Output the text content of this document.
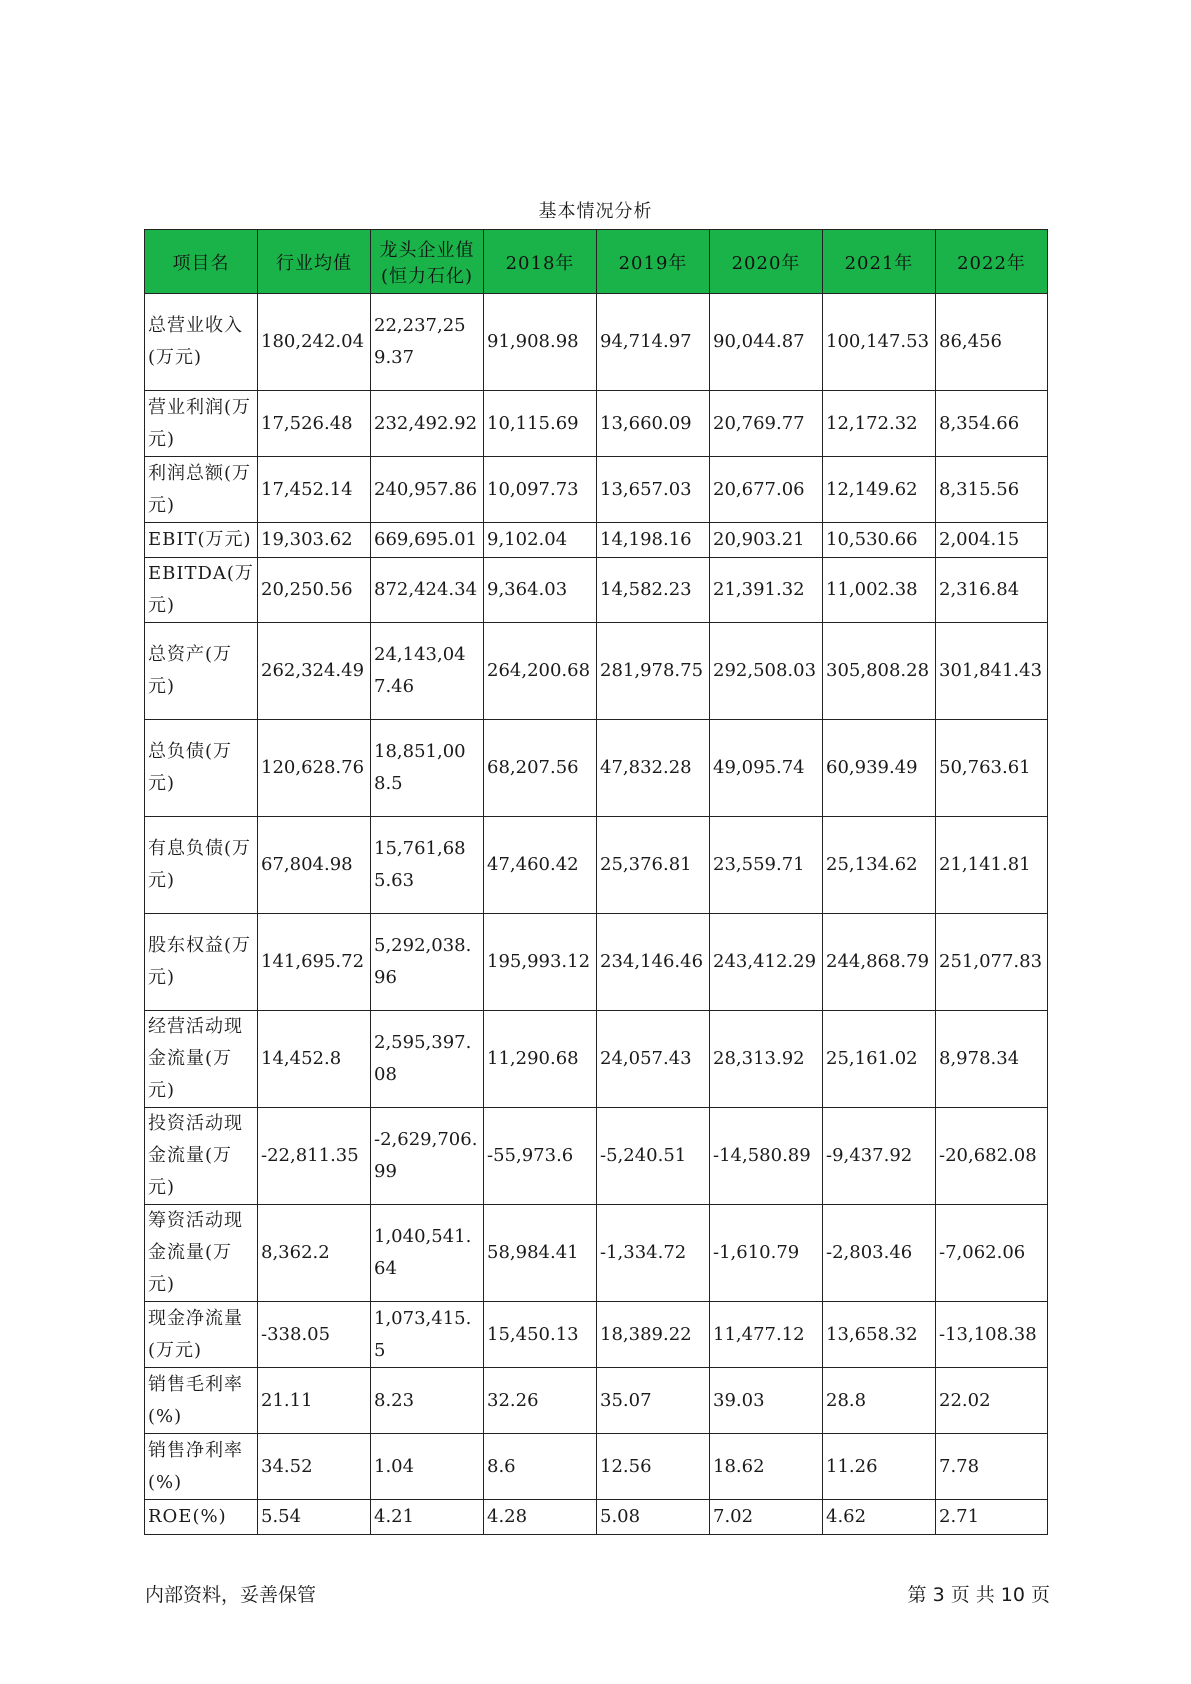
基本情况分析
项目名	行业均值	龙头企业值(恒力石化)	2018年	2019年	2020年	2021年	2022年
总营业收入(万元)	180,242.04	22,237,259.37	91,908.98	94,714.97	90,044.87	100,147.53	86,456
营业利润(万元)	17,526.48	232,492.92	10,115.69	13,660.09	20,769.77	12,172.32	8,354.66
利润总额(万元)	17,452.14	240,957.86	10,097.73	13,657.03	20,677.06	12,149.62	8,315.56
EBIT(万元)	19,303.62	669,695.01	9,102.04	14,198.16	20,903.21	10,530.66	2,004.15
EBITDA(万元)	20,250.56	872,424.34	9,364.03	14,582.23	21,391.32	11,002.38	2,316.84
总资产(万元)	262,324.49	24,143,047.46	264,200.68	281,978.75	292,508.03	305,808.28	301,841.43
总负债(万元)	120,628.76	18,851,008.5	68,207.56	47,832.28	49,095.74	60,939.49	50,763.61
有息负债(万元)	67,804.98	15,761,685.63	47,460.42	25,376.81	23,559.71	25,134.62	21,141.81
股东权益(万元)	141,695.72	5,292,038.96	195,993.12	234,146.46	243,412.29	244,868.79	251,077.83
经营活动现金流量(万元)	14,452.8	2,595,397.08	11,290.68	24,057.43	28,313.92	25,161.02	8,978.34
投资活动现金流量(万元)	-22,811.35	-2,629,706.99	-55,973.6	-5,240.51	-14,580.89	-9,437.92	-20,682.08
筹资活动现金流量(万元)	8,362.2	1,040,541.64	58,984.41	-1,334.72	-1,610.79	-2,803.46	-7,062.06
现金净流量(万元)	-338.05	1,073,415.5	15,450.13	18,389.22	11,477.12	13,658.32	-13,108.38
销售毛利率(%)	21.11	8.23	32.26	35.07	39.03	28.8	22.02
销售净利率(%)	34.52	1.04	8.6	12.56	18.62	11.26	7.78
ROE(%)	5.54	4.21	4.28	5.08	7.02	4.62	2.71
内部资料，妥善保管	第 3 页 共 10 页
